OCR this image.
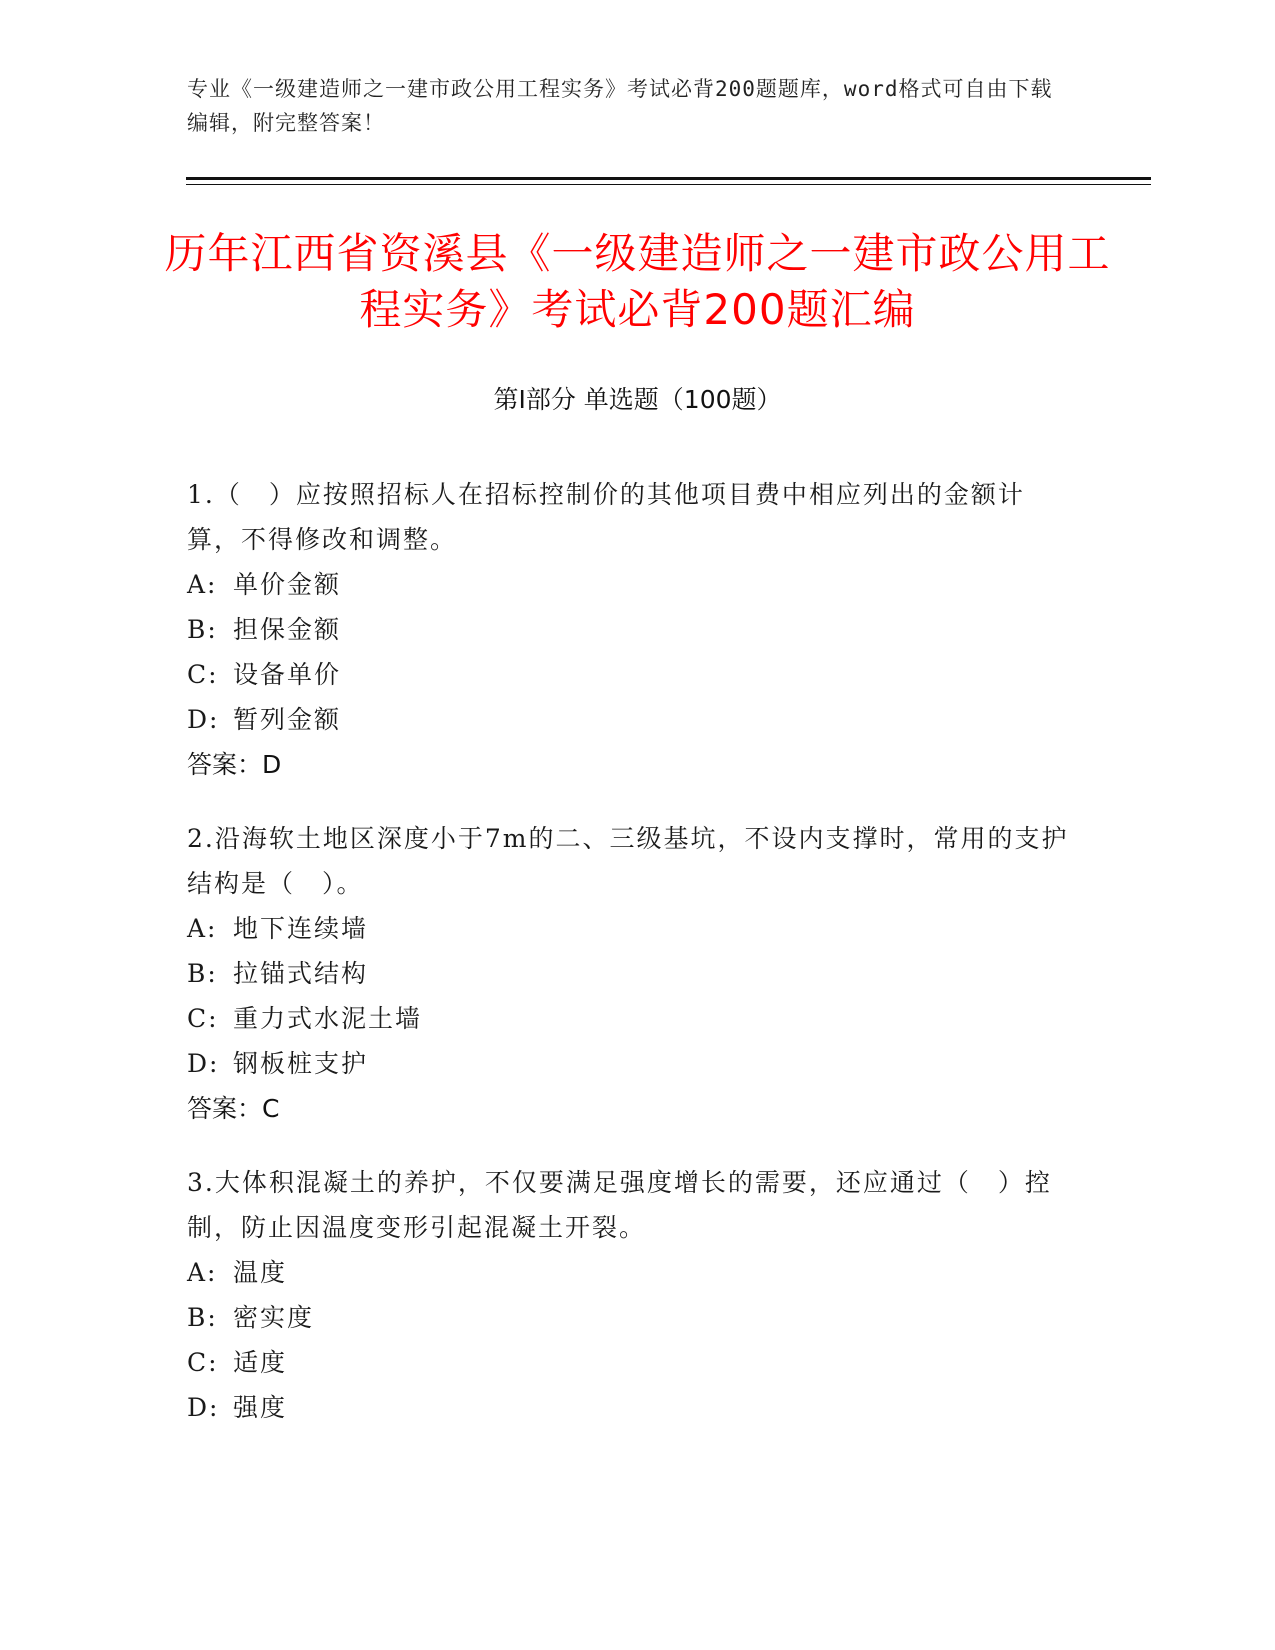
专业《一级建造师之一建市政公用工程实务》考试必背200题题库，word格式可自由下载编辑，附完整答案！
历年江西省资溪县《一级建造师之一建市政公用工程实务》考试必背200题汇编
第Ⅰ部分 单选题（100题）
1.（　）应按照招标人在招标控制价的其他项目费中相应列出的金额计算，不得修改和调整。
A: 单价金额
B: 担保金额
C: 设备单价
D: 暂列金额
答案：D
2.沿海软土地区深度小于7m的二、三级基坑，不设内支撑时，常用的支护结构是（　）。
A: 地下连续墙
B: 拉锚式结构
C: 重力式水泥土墙
D: 钢板桩支护
答案：C
3.大体积混凝土的养护，不仅要满足强度增长的需要，还应通过（　）控制，防止因温度变形引起混凝土开裂。
A: 温度
B: 密实度
C: 适度
D: 强度
